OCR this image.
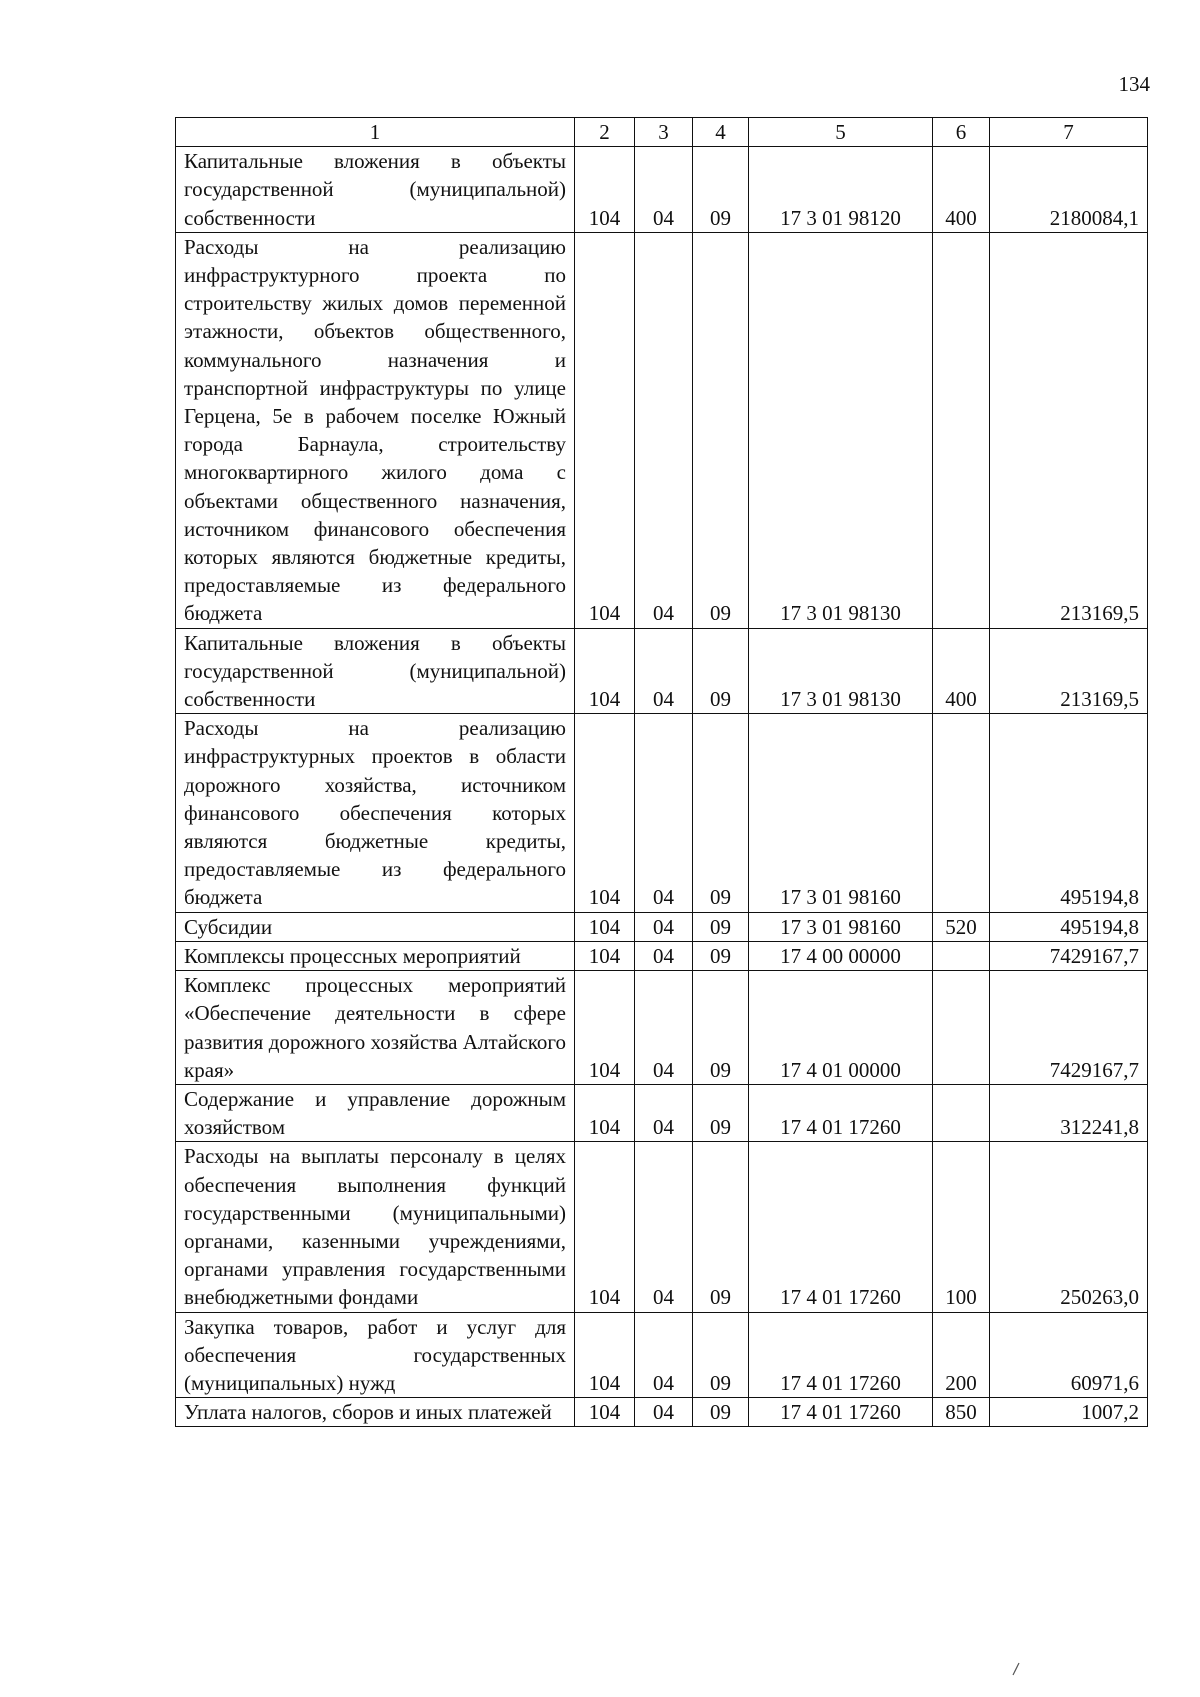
134
1	2	3	4	5	6	7
Капитальные вложения в объекты государственной (муниципальной) собственности	104	04	09	17 3 01 98120	400	2180084,1
Расходы на реализацию инфраструктурного проекта по строительству жилых домов переменной этажности, объектов общественного, коммунального назначения и транспортной инфраструктуры по улице Герцена, 5е в рабочем поселке Южный города Барнаула, строительству многоквартирного жилого дома с объектами общественного назначения, источником финансового обеспечения которых являются бюджетные кредиты, предоставляемые из федерального бюджета	104	04	09	17 3 01 98130		213169,5
Капитальные вложения в объекты государственной (муниципальной) собственности	104	04	09	17 3 01 98130	400	213169,5
Расходы на реализацию инфраструктурных проектов в области дорожного хозяйства, источником финансового обеспечения которых являются бюджетные кредиты, предоставляемые из федерального бюджета	104	04	09	17 3 01 98160		495194,8
Субсидии	104	04	09	17 3 01 98160	520	495194,8
Комплексы процессных мероприятий	104	04	09	17 4 00 00000		7429167,7
Комплекс процессных мероприятий «Обеспечение деятельности в сфере развития дорожного хозяйства Алтайского края»	104	04	09	17 4 01 00000		7429167,7
Содержание и управление дорожным хозяйством	104	04	09	17 4 01 17260		312241,8
Расходы на выплаты персоналу в целях обеспечения выполнения функций государственными (муниципальными) органами, казенными учреждениями, органами управления государственными внебюджетными фондами	104	04	09	17 4 01 17260	100	250263,0
Закупка товаров, работ и услуг для обеспечения государственных (муниципальных) нужд	104	04	09	17 4 01 17260	200	60971,6
Уплата налогов, сборов и иных платежей	104	04	09	17 4 01 17260	850	1007,2
